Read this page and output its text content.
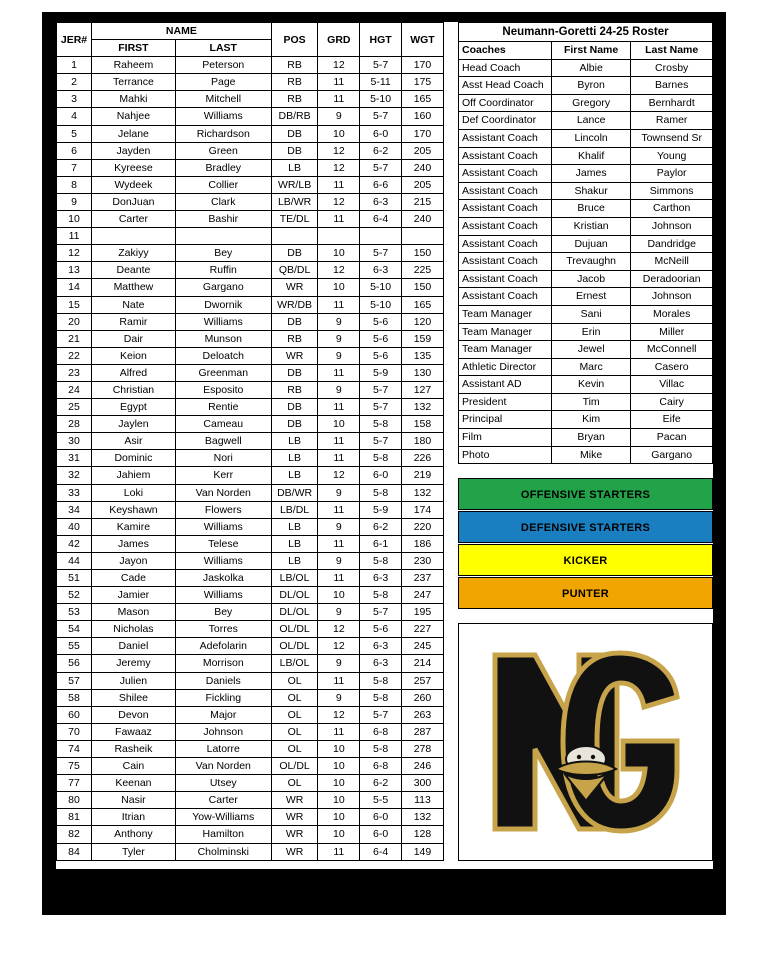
JER#	NAME		POS	GRD	HGT	WGT
	FIRST	LAST				
1	Raheem	Peterson	RB	12	5-7	170
2	Terrance	Page	RB	11	5-11	175
3	Mahki	Mitchell	RB	11	5-10	165
4	Nahjee	Williams	DB/RB	9	5-7	160
5	Jelane	Richardson	DB	10	6-0	170
6	Jayden	Green	DB	12	6-2	205
7	Kyreese	Bradley	LB	12	5-7	240
8	Wydeek	Collier	WR/LB	11	6-6	205
9	DonJuan	Clark	LB/WR	12	6-3	215
10	Carter	Bashir	TE/DL	11	6-4	240
11						
12	Zakiyy	Bey	DB	10	5-7	150
13	Deante	Ruffin	QB/DL	12	6-3	225
14	Matthew	Gargano	WR	10	5-10	150
15	Nate	Dwornik	WR/DB	11	5-10	165
20	Ramir	Williams	DB	9	5-6	120
21	Dair	Munson	RB	9	5-6	159
22	Keion	Deloatch	WR	9	5-6	135
23	Alfred	Greenman	DB	11	5-9	130
24	Christian	Esposito	RB	9	5-7	127
25	Egypt	Rentie	DB	11	5-7	132
28	Jaylen	Cameau	DB	10	5-8	158
30	Asir	Bagwell	LB	11	5-7	180
31	Dominic	Nori	LB	11	5-8	226
32	Jahiem	Kerr	LB	12	6-0	219
33	Loki	Van Norden	DB/WR	9	5-8	132
34	Keyshawn	Flowers	LB/DL	11	5-9	174
40	Kamire	Williams	LB	9	6-2	220
42	James	Telese	LB	11	6-1	186
44	Jayon	Williams	LB	9	5-8	230
51	Cade	Jaskolka	LB/OL	11	6-3	237
52	Jamier	Williams	DL/OL	10	5-8	247
53	Mason	Bey	DL/OL	9	5-7	195
54	Nicholas	Torres	OL/DL	12	5-6	227
55	Daniel	Adefolarin	OL/DL	12	6-3	245
56	Jeremy	Morrison	LB/OL	9	6-3	214
57	Julien	Daniels	OL	11	5-8	257
58	Shilee	Fickling	OL	9	5-8	260
60	Devon	Major	OL	12	5-7	263
70	Fawaaz	Johnson	OL	11	6-8	287
74	Rasheik	Latorre	OL	10	5-8	278
75	Cain	Van Norden	OL/DL	10	6-8	246
77	Keenan	Utsey	OL	10	6-2	300
80	Nasir	Carter	WR	10	5-5	113
81	Itrian	Yow-Williams	WR	10	6-0	132
82	Anthony	Hamilton	WR	10	6-0	128
84	Tyler	Cholminski	WR	11	6-4	149
Neumann-Goretti 24-25 Roster
Coaches	First Name	Last Name
Head Coach	Albie	Crosby
Asst Head Coach	Byron	Barnes
Off Coordinator	Gregory	Bernhardt
Def Coordinator	Lance	Ramer
Assistant Coach	Lincoln	Townsend Sr
Assistant Coach	Khalif	Young
Assistant Coach	James	Paylor
Assistant Coach	Shakur	Simmons
Assistant Coach	Bruce	Carthon
Assistant Coach	Kristian	Johnson
Assistant Coach	Dujuan	Dandridge
Assistant Coach	Trevaughn	McNeill
Assistant Coach	Jacob	Deradoorian
Assistant Coach	Ernest	Johnson
Team Manager	Sani	Morales
Team Manager	Erin	Miller
Team Manager	Jewel	McConnell
Athletic Director	Marc	Casero
Assistant AD	Kevin	Villac
President	Tim	Cairy
Principal	Kim	Eife
Film	Bryan	Pacan
Photo	Mike	Gargano
OFFENSIVE STARTERS
DEFENSIVE STARTERS
KICKER
PUNTER
